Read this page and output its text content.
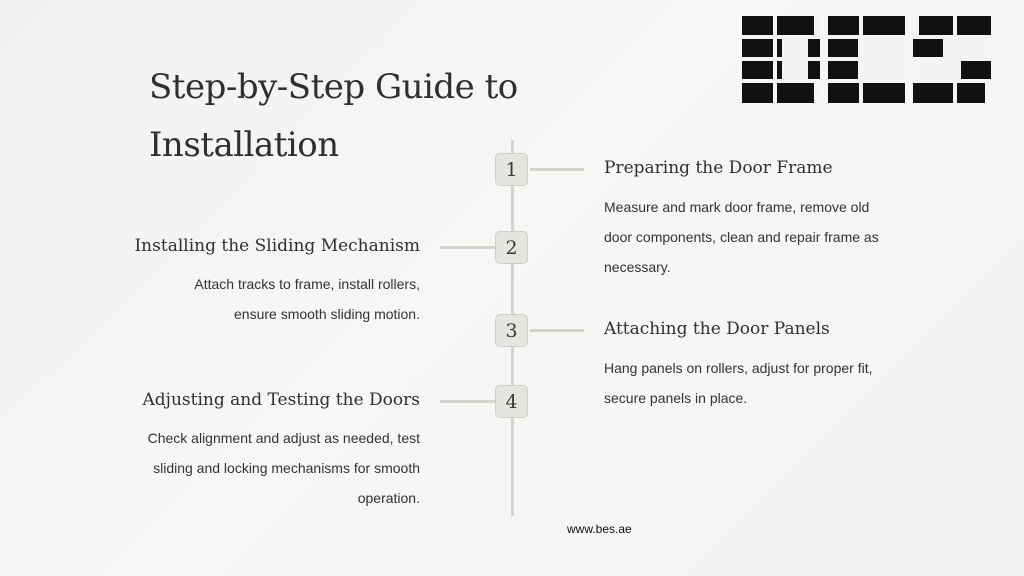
Step-by-Step Guide to Installation
1	Preparing the Door Frame

Measure and mark door frame, remove old door components, clean and repair frame as necessary.

2
Installing the Sliding Mechanism

Attach tracks to frame, install rollers, ensure smooth sliding motion.

3	Attaching the Door Panels

Hang panels on rollers, adjust for proper fit, secure panels in place.

4
Adjusting and Testing the Doors

Check alignment and adjust as needed, test sliding and locking mechanisms for smooth operation.

www.bes.ae
